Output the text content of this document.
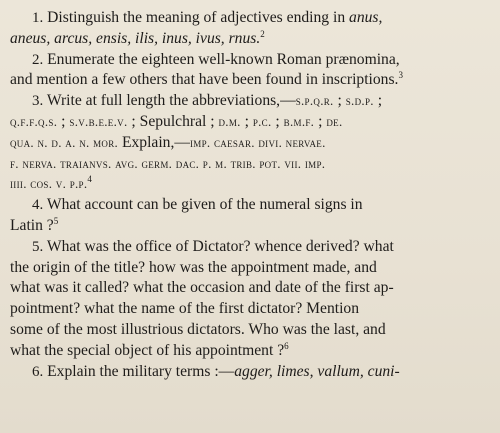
1. Distinguish the meaning of adjectives ending in anus,
aneus, arcus, ensis, ilis, inus, ivus, rnus.$^2$

2. Enumerate the eighteen well-known Roman prænomina,
and mention a few others that have been found in inscriptions.$^3$

3. Write at full length the abbreviations,—s.p.q.r. ; s.d.p. ;
q.f.f.q.s. ; s.v.b.e.e.v. ; Sepulchral ; d.m. ; p.c. ; b.m.f. ; de.
qua. n. d. a. n. mor. Explain,—imp. caesar. divi. nervae.
f. nerva. traianvs. avg. germ. dac. p. m. trib. pot. vii. imp.
iiii. cos. v. p.p.$^4$

4. What account can be given of the numeral signs in
Latin ?$^5$

5. What was the office of Dictator? whence derived? what
the origin of the title? how was the appointment made, and
what was it called? what the occasion and date of the first ap-
pointment? what the name of the first dictator? Mention
some of the most illustrious dictators. Who was the last, and
what the special object of his appointment ?$^6$

6. Explain the military terms :—agger, limes, vallum, cuni-
